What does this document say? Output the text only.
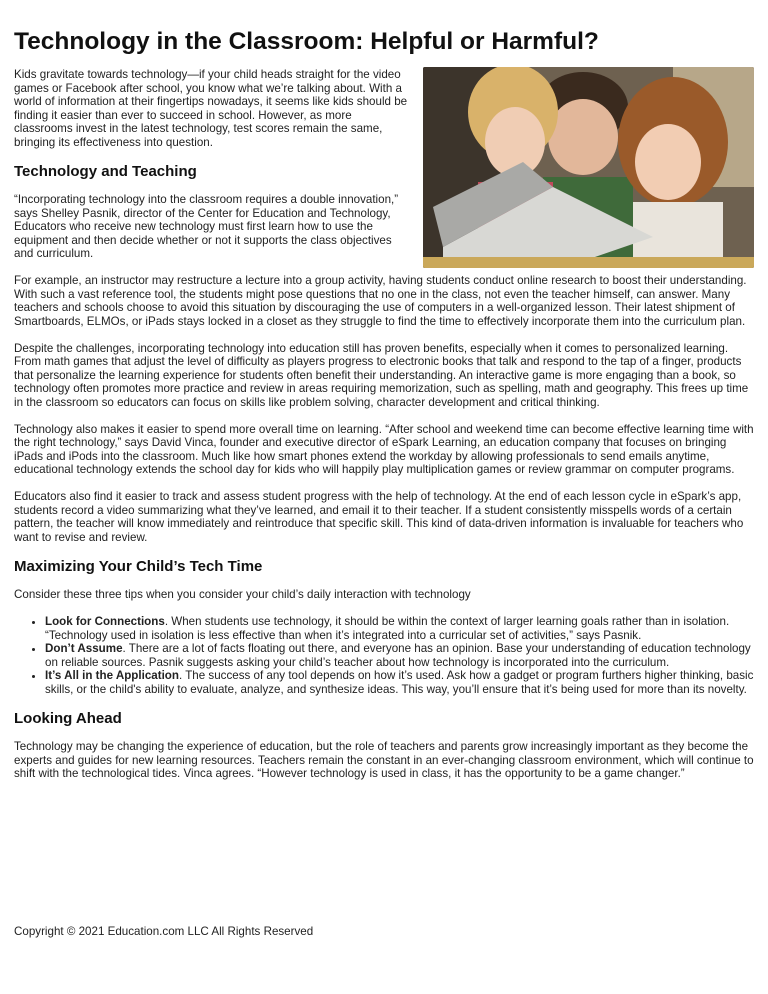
Technology in the Classroom: Helpful or Harmful?

Kids gravitate towards technology—if your child heads straight for the video games or Facebook after school, you know what we’re talking about. With a world of information at their fingertips nowadays, it seems like kids should be finding it easier than ever to succeed in school. However, as more classrooms invest in the latest technology, test scores remain the same, bringing its effectiveness into question.

Technology and Teaching

“Incorporating technology into the classroom requires a double innovation,” says Shelley Pasnik, director of the Center for Education and Technology, Educators who receive new technology must first learn how to use the equipment and then decide whether or not it supports the class objectives and curriculum.

For example, an instructor may restructure a lecture into a group activity, having students conduct online research to boost their understanding. With such a vast reference tool, the students might pose questions that no one in the class, not even the teacher himself, can answer. Many teachers and schools choose to avoid this situation by discouraging the use of computers in a well-organized lesson. Their latest shipment of Smartboards, ELMOs, or iPads stays locked in a closet as they struggle to find the time to effectively incorporate them into the curriculum plan.

Despite the challenges, incorporating technology into education still has proven benefits, especially when it comes to personalized learning. From math games that adjust the level of difficulty as players progress to electronic books that talk and respond to the tap of a finger, products that personalize the learning experience for students often benefit their understanding. An interactive game is more engaging than a book, so technology often promotes more practice and review in areas requiring memorization, such as spelling, math and geography. This frees up time in the classroom so educators can focus on skills like problem solving, character development and critical thinking.

Technology also makes it easier to spend more overall time on learning. “After school and weekend time can become effective learning time with the right technology,” says David Vinca, founder and executive director of eSpark Learning, an education company that focuses on bringing iPads and iPods into the classroom. Much like how smart phones extend the workday by allowing professionals to send emails anytime, educational technology extends the school day for kids who will happily play multiplication games or review grammar on computer programs.

Educators also find it easier to track and assess student progress with the help of technology. At the end of each lesson cycle in eSpark’s app, students record a video summarizing what they’ve learned, and email it to their teacher. If a student consistently misspells words of a certain pattern, the teacher will know immediately and reintroduce that specific skill. This kind of data-driven information is invaluable for teachers who want to revise and review.

Maximizing Your Child’s Tech Time

Consider these three tips when you consider your child’s daily interaction with technology

• Look for Connections. When students use technology, it should be within the context of larger learning goals rather than in isolation. “Technology used in isolation is less effective than when it’s integrated into a curricular set of activities,” says Pasnik.
• Don’t Assume. There are a lot of facts floating out there, and everyone has an opinion. Base your understanding of education technology on reliable sources. Pasnik suggests asking your child’s teacher about how technology is incorporated into the curriculum.
• It’s All in the Application. The success of any tool depends on how it’s used. Ask how a gadget or program furthers higher thinking, basic skills, or the child's ability to evaluate, analyze, and synthesize ideas. This way, you’ll ensure that it’s being used for more than its novelty.
Looking Ahead

Technology may be changing the experience of education, but the role of teachers and parents grow increasingly important as they become the experts and guides for new learning resources. Teachers remain the constant in an ever-changing classroom environment, which will continue to shift with the technological tides. Vinca agrees. “However technology is used in class, it has the opportunity to be a game changer.”

Copyright © 2021 Education.com LLC All Rights Reserved
